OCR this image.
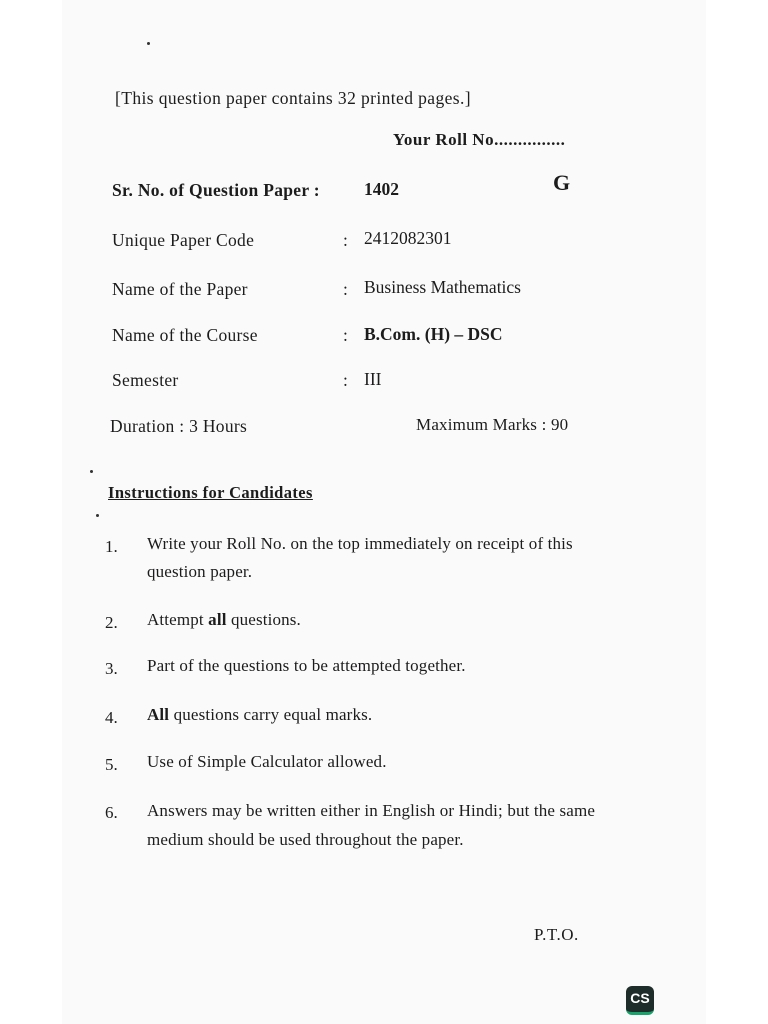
[This question paper contains 32 printed pages.]
Your Roll No...............
Sr. No. of Question Paper :	1402	G
Unique Paper Code	: 2412082301
Name of the Paper	: Business Mathematics
Name of the Course	: B.Com. (H) – DSC
Semester	: III
Duration : 3 Hours	Maximum Marks : 90
Instructions for Candidates
1. Write your Roll No. on the top immediately on receipt of this question paper.
2. Attempt all questions.
3. Part of the questions to be attempted together.
4. All questions carry equal marks.
5. Use of Simple Calculator allowed.
6. Answers may be written either in English or Hindi; but the same medium should be used throughout the paper.
P.T.O.
CS
